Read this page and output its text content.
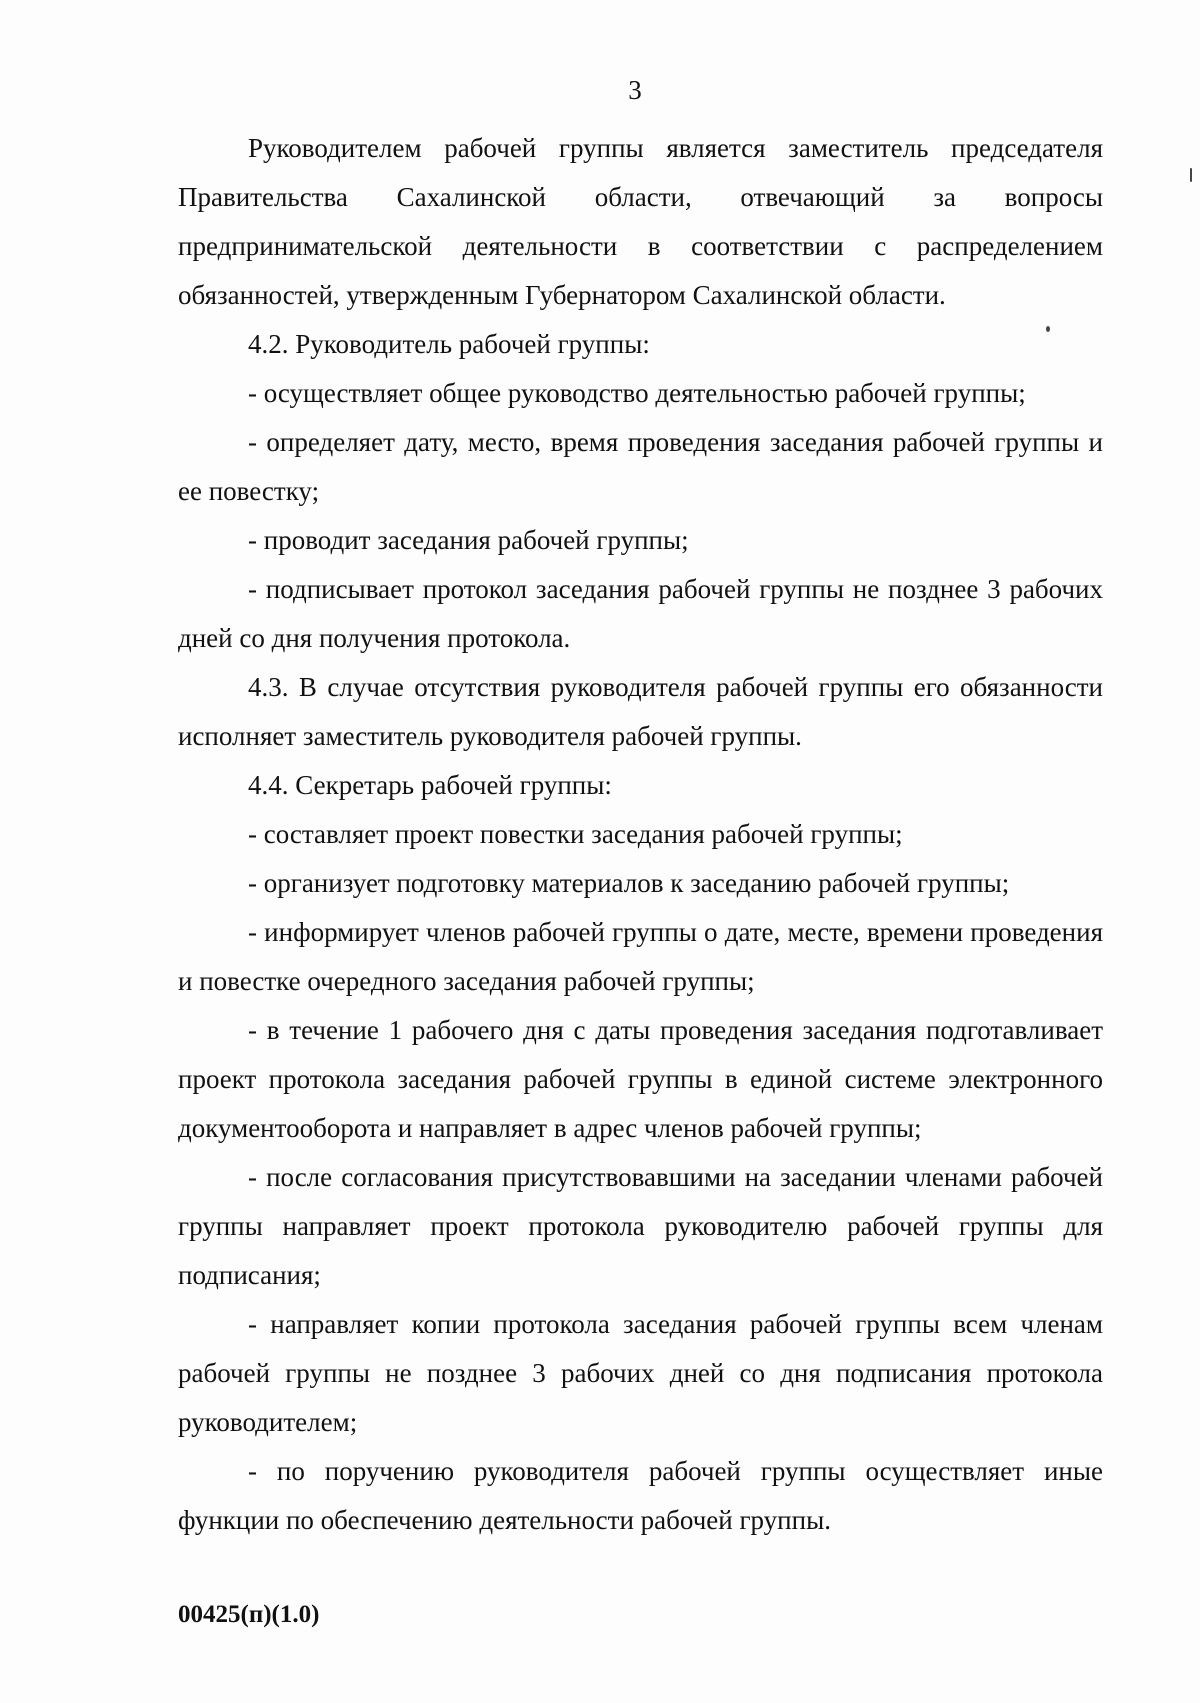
3

Руководителем рабочей группы является заместитель председателя Правительства Сахалинской области, отвечающий за вопросы предпринимательской деятельности в соответствии с распределением обязанностей, утвержденным Губернатором Сахалинской области.

4.2. Руководитель рабочей группы:

- осуществляет общее руководство деятельностью рабочей группы;

- определяет дату, место, время проведения заседания рабочей группы и ее повестку;

- проводит заседания рабочей группы;

- подписывает протокол заседания рабочей группы не позднее 3 рабочих дней со дня получения протокола.

4.3. В случае отсутствия руководителя рабочей группы его обязанности исполняет заместитель руководителя рабочей группы.

4.4. Секретарь рабочей группы:

- составляет проект повестки заседания рабочей группы;

- организует подготовку материалов к заседанию рабочей группы;

- информирует членов рабочей группы о дате, месте, времени проведения и повестке очередного заседания рабочей группы;

- в течение 1 рабочего дня с даты проведения заседания подготавливает проект протокола заседания рабочей группы в единой системе электронного документооборота и направляет в адрес членов рабочей группы;

- после согласования присутствовавшими на заседании членами рабочей группы направляет проект протокола руководителю рабочей группы для подписания;

- направляет копии протокола заседания рабочей группы всем членам рабочей группы не позднее 3 рабочих дней со дня подписания протокола руководителем;

- по поручению руководителя рабочей группы осуществляет иные функции по обеспечению деятельности рабочей группы.

00425(п)(1.0)
